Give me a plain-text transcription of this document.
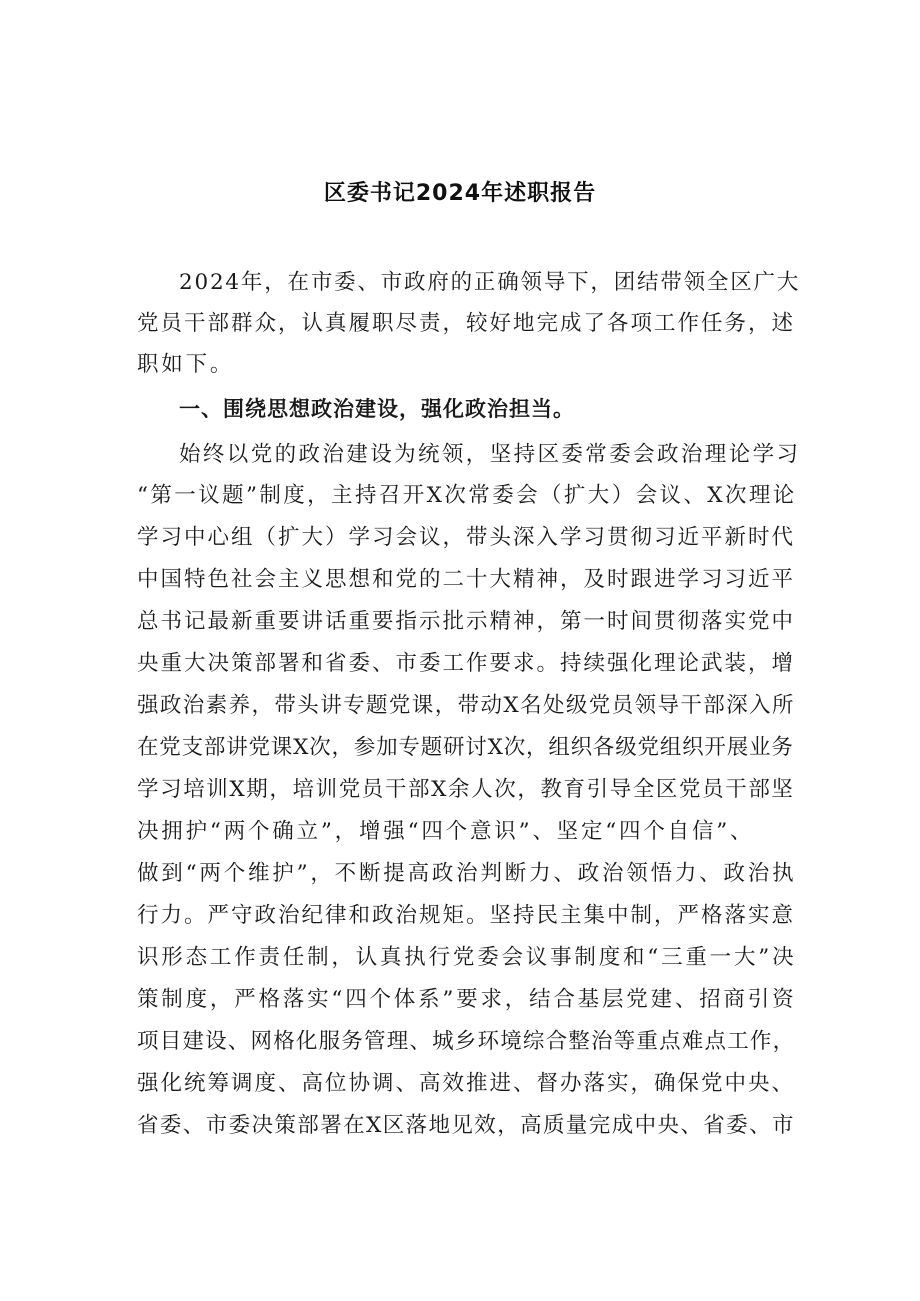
区委书记2024年述职报告
2024年，在市委、市政府的正确领导下，团结带领全区广大
党员干部群众，认真履职尽责，较好地完成了各项工作任务，述
职如下。
一、围绕思想政治建设，强化政治担当。
始终以党的政治建设为统领，坚持区委常委会政治理论学习
“第一议题”制度，主持召开X次常委会（扩大）会议、X次理论
学习中心组（扩大）学习会议，带头深入学习贯彻习近平新时代
中国特色社会主义思想和党的二十大精神，及时跟进学习习近平
总书记最新重要讲话重要指示批示精神，第一时间贯彻落实党中
央重大决策部署和省委、市委工作要求。持续强化理论武装，增
强政治素养，带头讲专题党课，带动X名处级党员领导干部深入所
在党支部讲党课X次，参加专题研讨X次，组织各级党组织开展业务
学习培训X期，培训党员干部X余人次，教育引导全区党员干部坚
决拥护“两个确立”，增强“四个意识”、坚定“四个自信”、
做到“两个维护”，不断提高政治判断力、政治领悟力、政治执
行力。严守政治纪律和政治规矩。坚持民主集中制，严格落实意
识形态工作责任制，认真执行党委会议事制度和“三重一大”决
策制度，严格落实“四个体系”要求，结合基层党建、招商引资
项目建设、网格化服务管理、城乡环境综合整治等重点难点工作，
强化统筹调度、高位协调、高效推进、督办落实，确保党中央、
省委、市委决策部署在X区落地见效，高质量完成中央、省委、市
